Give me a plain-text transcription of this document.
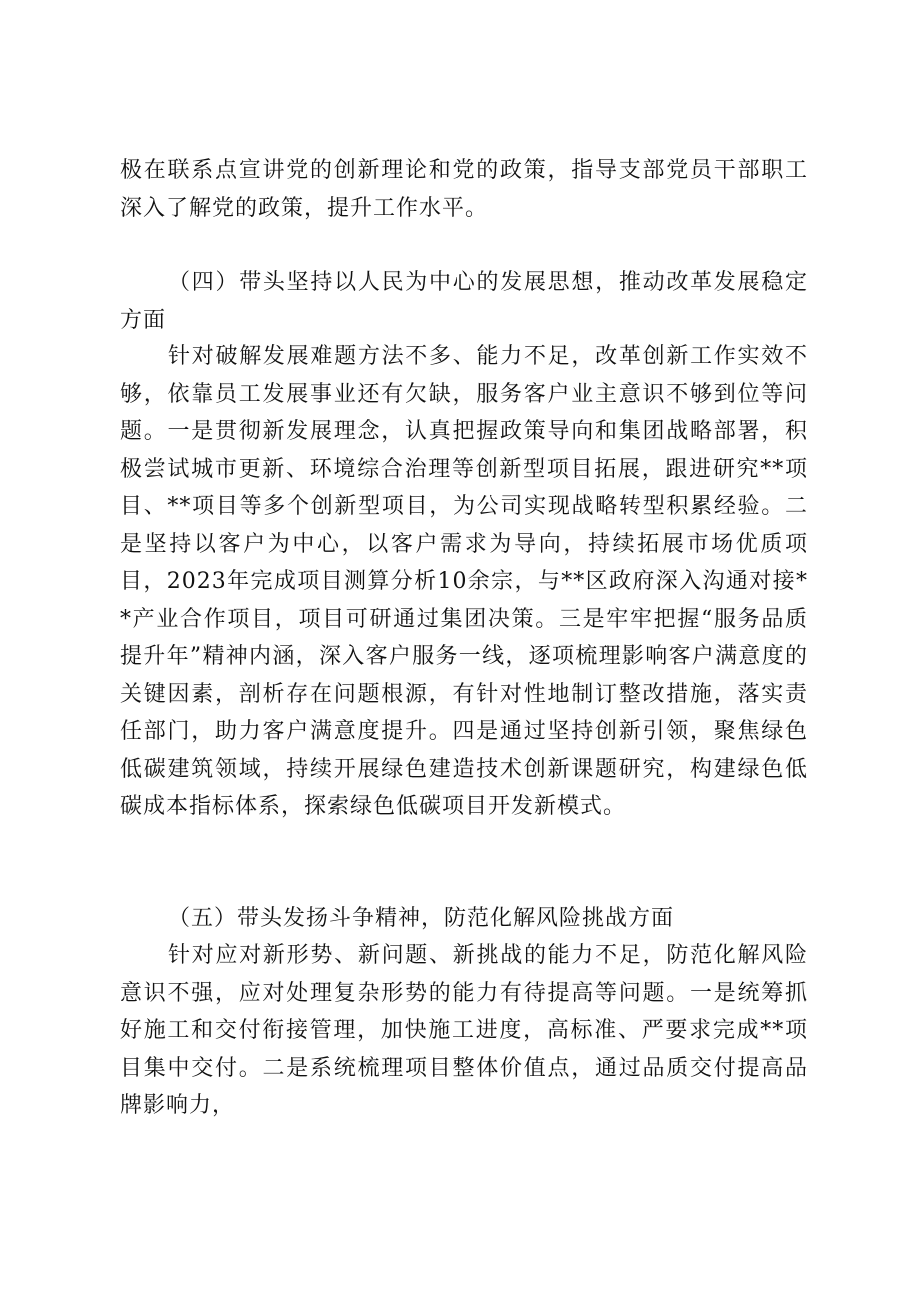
极在联系点宣讲党的创新理论和党的政策，指导支部党员干部职工深入了解党的政策，提升工作水平。

（四）带头坚持以人民为中心的发展思想，推动改革发展稳定方面

针对破解发展难题方法不多、能力不足，改革创新工作实效不够，依靠员工发展事业还有欠缺，服务客户业主意识不够到位等问题。一是贯彻新发展理念，认真把握政策导向和集团战略部署，积极尝试城市更新、环境综合治理等创新型项目拓展，跟进研究**项目、**项目等多个创新型项目，为公司实现战略转型积累经验。二是坚持以客户为中心，以客户需求为导向，持续拓展市场优质项目，2023年完成项目测算分析10余宗，与**区政府深入沟通对接**产业合作项目，项目可研通过集团决策。三是牢牢把握“服务品质提升年”精神内涵，深入客户服务一线，逐项梳理影响客户满意度的关键因素，剖析存在问题根源，有针对性地制订整改措施，落实责任部门，助力客户满意度提升。四是通过坚持创新引领，聚焦绿色低碳建筑领域，持续开展绿色建造技术创新课题研究，构建绿色低碳成本指标体系，探索绿色低碳项目开发新模式。

（五）带头发扬斗争精神，防范化解风险挑战方面

针对应对新形势、新问题、新挑战的能力不足，防范化解风险意识不强，应对处理复杂形势的能力有待提高等问题。一是统筹抓好施工和交付衔接管理，加快施工进度，高标准、严要求完成**项目集中交付。二是系统梳理项目整体价值点，通过品质交付提高品牌影响力，
